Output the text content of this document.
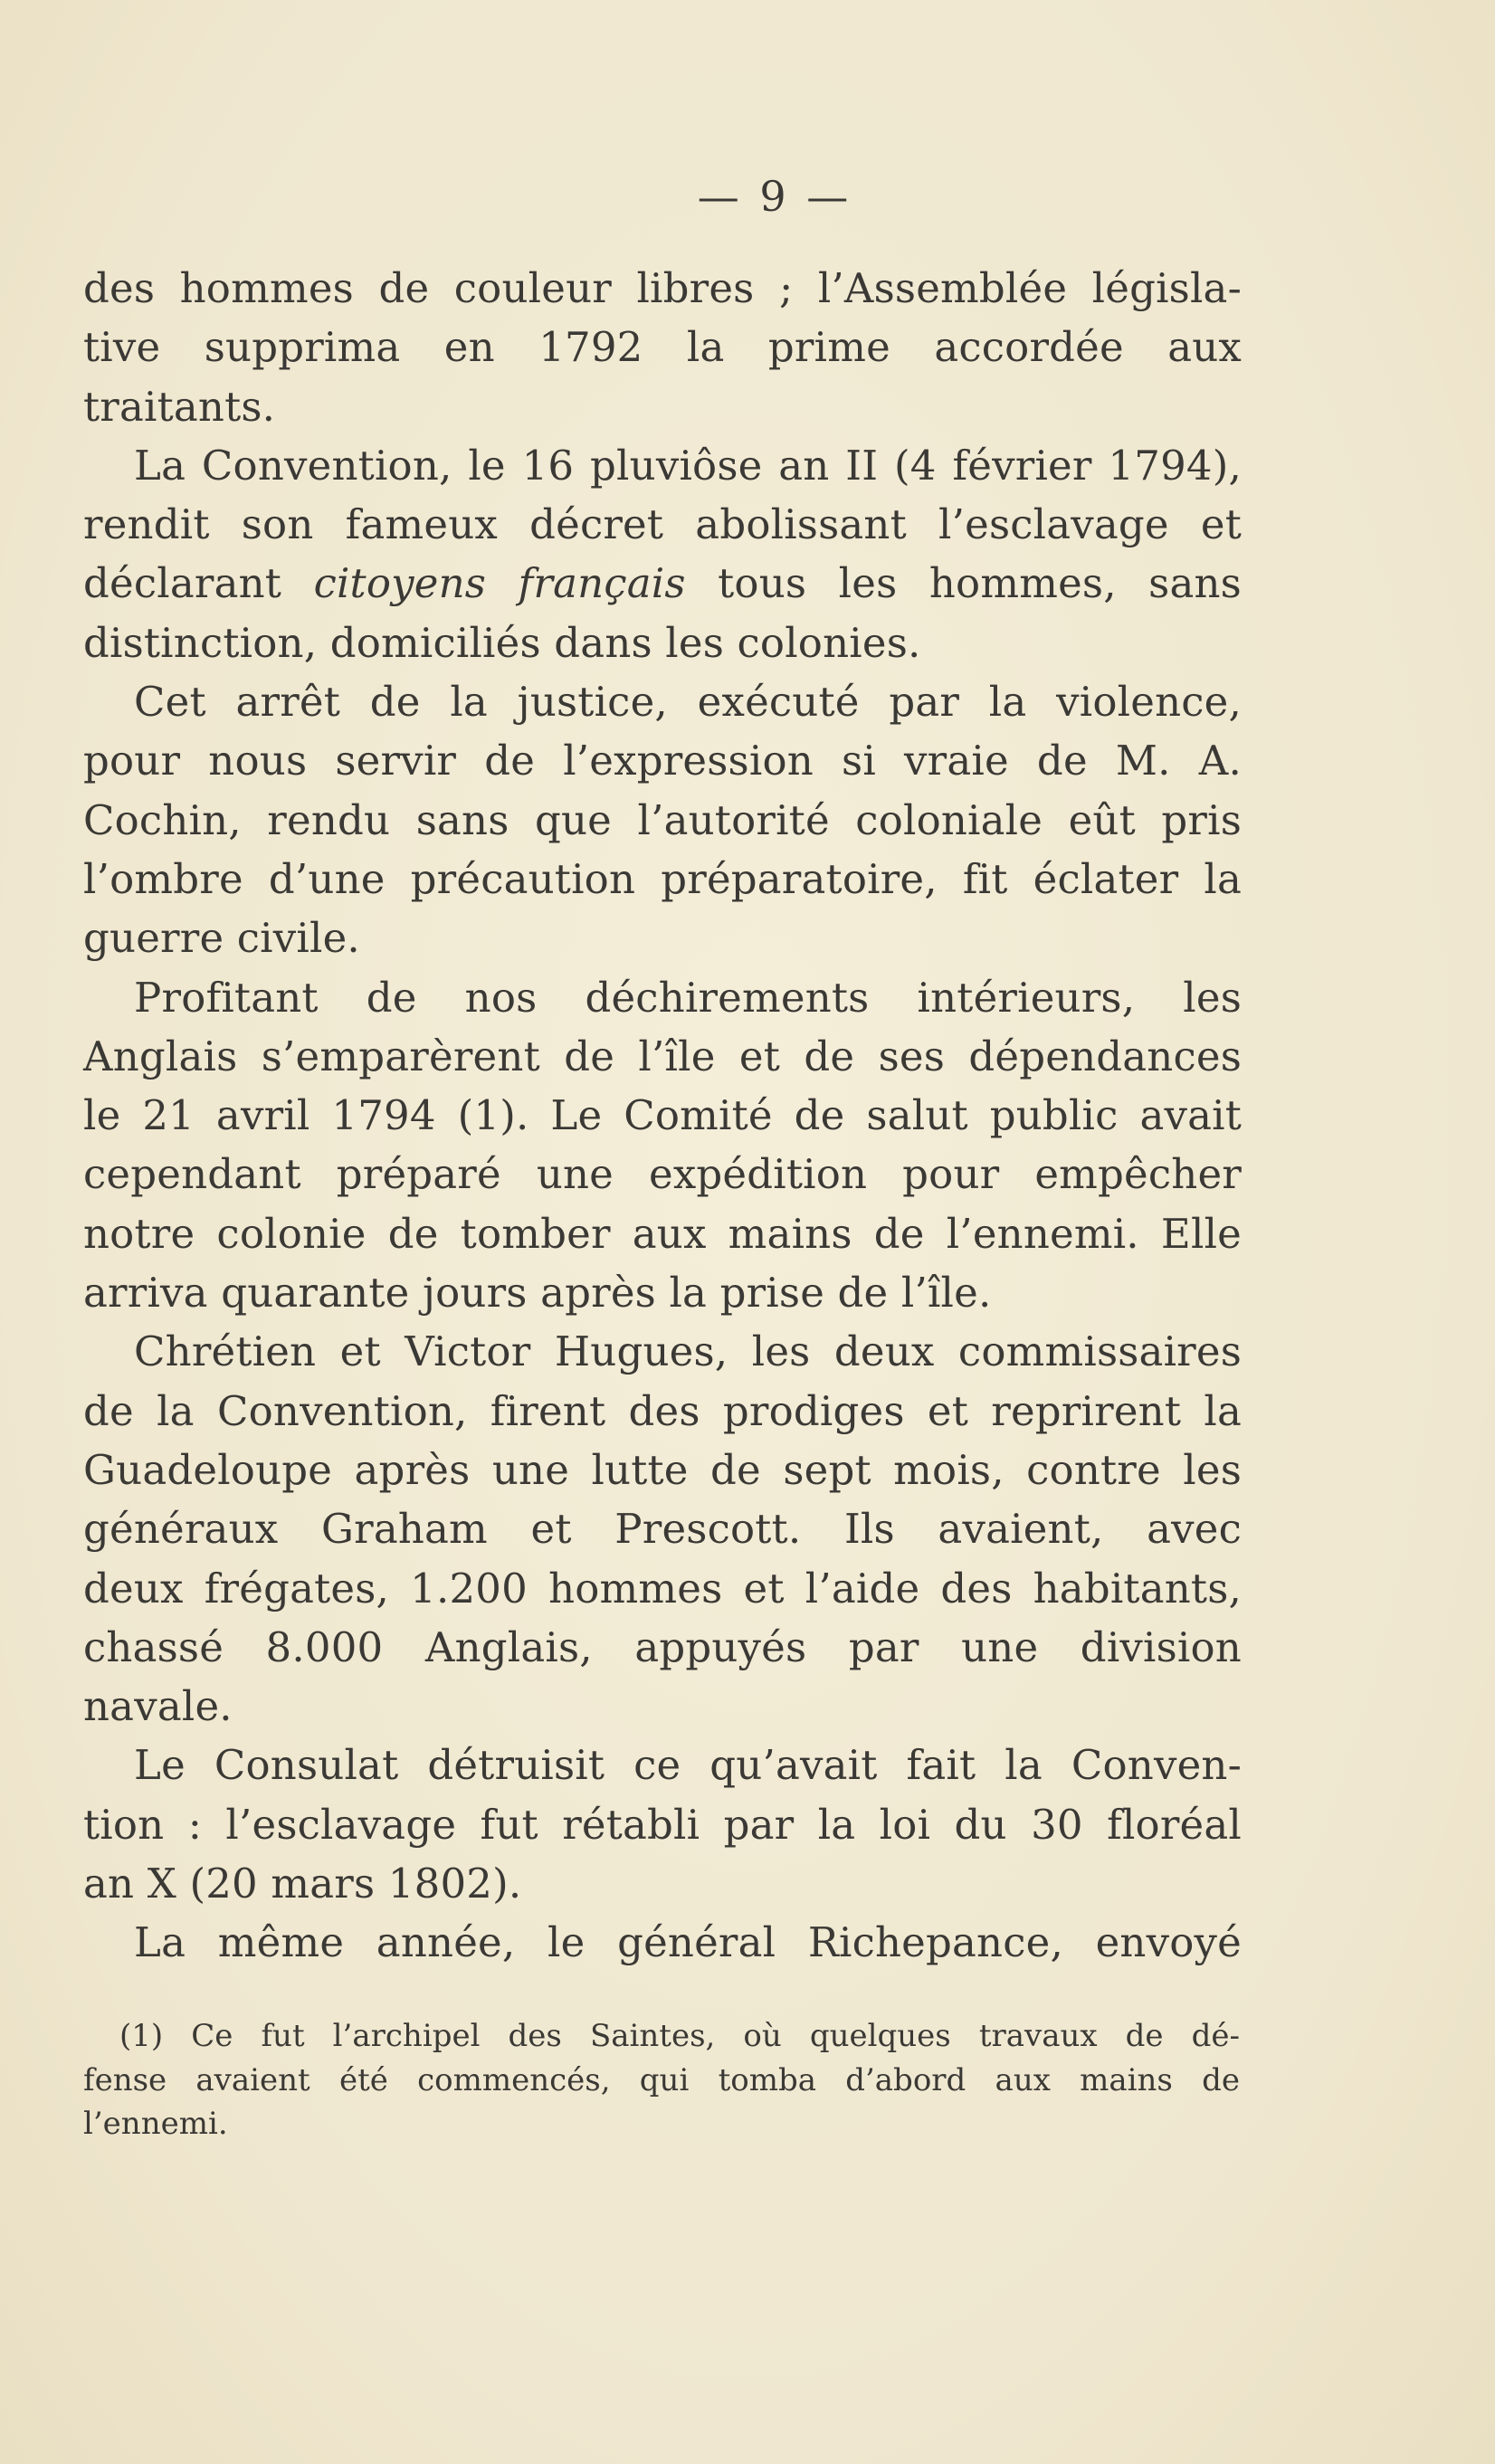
— 9 —
des hommes de couleur libres ; l’Assemblée législa-
tive supprima en 1792 la prime accordée aux
traitants.
La Convention, le 16 pluviôse an II (4 février 1794),
rendit son fameux décret abolissant l’esclavage et
déclarant citoyens français tous les hommes, sans
distinction, domiciliés dans les colonies.
Cet arrêt de la justice, exécuté par la violence,
pour nous servir de l’expression si vraie de M. A.
Cochin, rendu sans que l’autorité coloniale eût pris
l’ombre d’une précaution préparatoire, fit éclater la
guerre civile.
Profitant de nos déchirements intérieurs, les
Anglais s’emparèrent de l’île et de ses dépendances
le 21 avril 1794 (1). Le Comité de salut public avait
cependant préparé une expédition pour empêcher
notre colonie de tomber aux mains de l’ennemi. Elle
arriva quarante jours après la prise de l’île.
Chrétien et Victor Hugues, les deux commissaires
de la Convention, firent des prodiges et reprirent la
Guadeloupe après une lutte de sept mois, contre les
généraux Graham et Prescott. Ils avaient, avec
deux frégates, 1.200 hommes et l’aide des habitants,
chassé 8.000 Anglais, appuyés par une division
navale.
Le Consulat détruisit ce qu’avait fait la Conven-
tion : l’esclavage fut rétabli par la loi du 30 floréal
an X (20 mars 1802).
La même année, le général Richepance, envoyé
(1) Ce fut l’archipel des Saintes, où quelques travaux de dé-
fense avaient été commencés, qui tomba d’abord aux mains de
l’ennemi.
